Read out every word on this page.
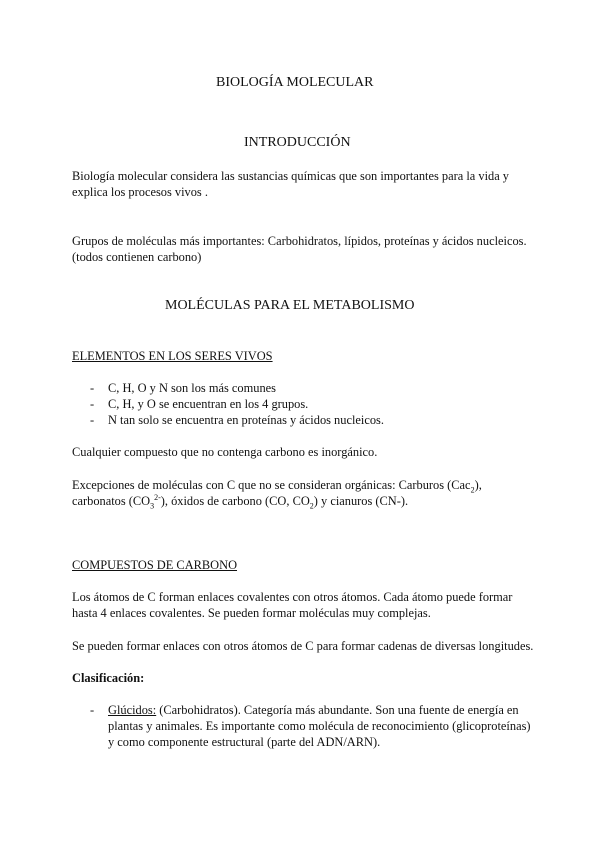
BIOLOGÍA MOLECULAR
INTRODUCCIÓN
Biología molecular considera las sustancias químicas que son importantes para la vida y
explica los procesos vivos .
Grupos de moléculas más importantes: Carbohidratos, lípidos, proteínas y ácidos nucleicos.
(todos contienen carbono)
MOLÉCULAS PARA EL METABOLISMO
ELEMENTOS EN LOS SERES VIVOS
- C, H, O y N son los más comunes
- C, H, y O se encuentran en los 4 grupos.
- N tan solo se encuentra en proteínas y ácidos nucleicos.
Cualquier compuesto que no contenga carbono es inorgánico.
Excepciones de moléculas con C que no se consideran orgánicas: Carburos (Cac$_2$),
carbonatos $(CO_3^{2-})$, óxidos de carbono (CO, $CO_2$) y cianuros (CN-).
COMPUESTOS DE CARBONO
Los átomos de C forman enlaces covalentes con otros átomos. Cada átomo puede formar
hasta 4 enlaces covalentes. Se pueden formar moléculas muy complejas.
Se pueden formar enlaces con otros átomos de C para formar cadenas de diversas longitudes.
Clasificación:
- Glúcidos: (Carbohidratos). Categoría más abundante. Son una fuente de energía en
plantas y animales. Es importante como molécula de reconocimiento (glicoproteínas)
y como componente estructural (parte del ADN/ARN).
